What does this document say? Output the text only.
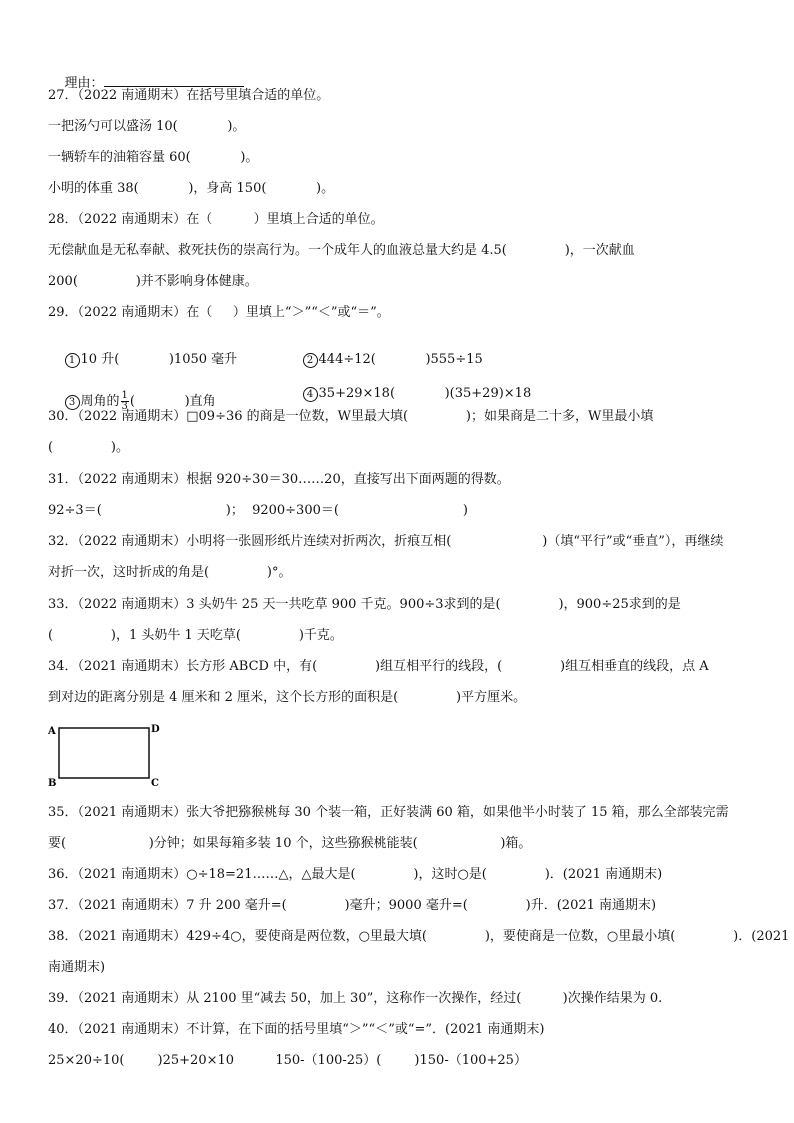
理由：

27．（2022 南通期末）在括号里填合适的单位。
一把汤勺可以盛汤 10(            )。
一辆轿车的油箱容量 60(            )。
小明的体重 38(            )，身高 150(            )。
28．（2022 南通期末）在（          ）里填上合适的单位。
无偿献血是无私奉献、救死扶伤的崇高行为。一个成年人的血液总量大约是 4.5(              )，一次献血
200(              )并不影响身体健康。
29．（2022 南通期末）在（     ）里填上“＞”“＜”或“＝”。

1 10 升(            )1050 毫升
	2 444÷12(            )555÷15

3 周角的 $\frac{1}{3}$ (            )直角
	4 35+29×18(            )(35+29)×18

30．（2022 南通期末）□09÷36 的商是一位数，W里最大填(              )；如果商是二十多，W里最小填
(              )。
31．（2022 南通期末）根据 920÷30＝30……20，直接写出下面两题的得数。
92÷3＝(                              )；  9200÷300＝(                              )
32．（2022 南通期末）小明将一张圆形纸片连续对折两次，折痕互相(                      )（填“平行”或“垂直”），再继续
对折一次，这时折成的角是(              )°。
33．（2022 南通期末）3 头奶牛 25 天一共吃草 900 千克。900÷3求到的是(              )，900÷25求到的是
(              )，1 头奶牛 1 天吃草(              )千克。
34．（2021 南通期末）长方形 ABCD 中，有(              )组互相平行的线段，(              )组互相垂直的线段，点 A
到对边的距离分别是 4 厘米和 2 厘米，这个长方形的面积是(              )平方厘米。
A	D
B	C
35．（2021 南通期末）张大爷把猕猴桃每 30 个装一箱，正好装满 60 箱，如果他半小时装了 15 箱，那么全部装完需
要(                    )分钟；如果每箱多装 10 个，这些猕猴桃能装(                    )箱。
36．（2021 南通期末）○÷18=21……△，△最大是(              )，这时○是(              )．(2021 南通期末)
37．（2021 南通期末）7 升 200 毫升=(              )毫升；9000 毫升=(              )升．(2021 南通期末)
38．（2021 南通期末）429÷4○，要使商是两位数，○里最大填(              )，要使商是一位数，○里最小填(              )．(2021
南通期末)
39．（2021 南通期末）从 2100 里“减去 50，加上 30”，这称作一次操作，经过(          )次操作结果为 0.
40．（2021 南通期末）不计算，在下面的括号里填“＞”“＜”或“=”．(2021 南通期末)
25×20÷10(        )25+20×10          150-（100-25）(        )150-（100+25）
